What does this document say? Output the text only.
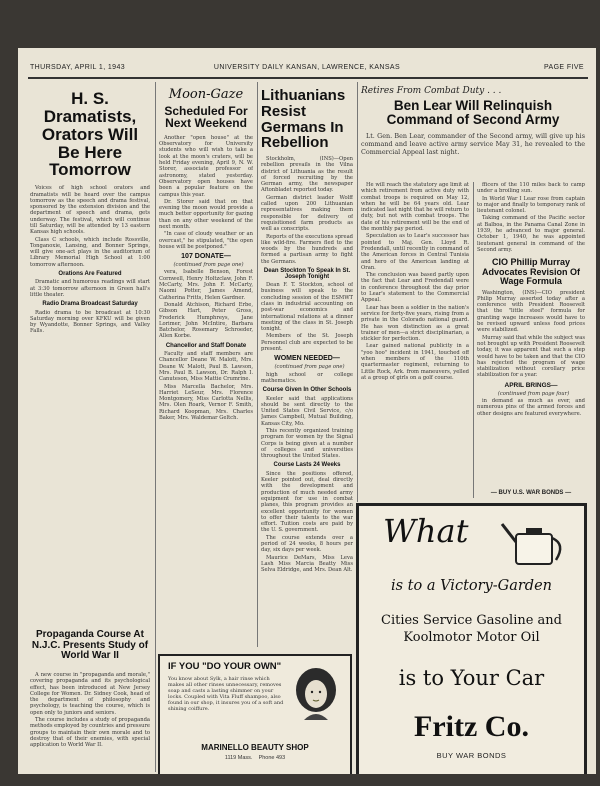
THURSDAY, APRIL 1, 1943	UNIVERSITY DAILY KANSAN, LAWRENCE, KANSAS	PAGE FIVE
H. S. Dramatists, Orators Will Be Here Tomorrow

Voices of high school orators and dramatists will be heard over the campus tomorrow as the speech and drama festival, sponsored by the extension division and the department of speech and drama, gets underway. The festival, which will continue till Saturday, will be attended by 13 eastern Kansas high schools.

Class C schools, which include Rossville, Tonganoxie, Lansing, and Bonner Springs, will give one-act plays in the auditorium of Library Memorial High School at 1:00 tomorrow afternoon.

Orations Are Featured

Dramatic and humorous readings will start at 3:30 tomorrow afternoon in Green hall's little theater.

Radio Drama Broadcast Saturday

Radio drama to be broadcast at 10:30 Saturday morning over KFKU will be given by Wyandotte, Bonner Springs, and Valley Falls.

Propaganda Course At N.J.C. Presents Study of World War II

A new course in "propaganda and morale," covering propaganda and its psychological effect, has been introduced at New Jersey College for Women. Dr. Sidney Cook, head of the department of philosophy and psychology, is teaching the course, which is open only to juniors and seniors.

The course includes a study of propaganda methods employed by countries and pressure groups to maintain their own morale and to destroy that of their enemies, with special application to World War II.

Moon-Gaze
Scheduled For Next Weekend

Another "open house" at the Observatory for University students who will wish to take a look at the moon's craters, will be held Friday evening, April 9, N. W. Storer, associate professor of astronomy, stated yesterday. Observatory open houses have been a popular feature on the campus this year.

Dr. Storer said that on that evening the moon would provide a much better opportunity for gazing than on any other weekend of the next month.

"In case of cloudy weather or an overcast," he stipulated, "the open house will be postponed."

107 DONATE—

(continued from page one)

vera, Isabelle Benson, Forest Cornwell, Henry Holtzclaw, John F. McCarty, Mrs. John F. McCarty, Naomi Potter, James Amend, Catherina Fritts, Helen Gardner.

Donald Atchison, Richard Erbe, Gibson Hart, Peter Gross, Frederick Humphreys, Jane Lorimer, John McIntire, Barbara Batchelor, Rosemary Schroeder, Allen Korbe.

Chancellor and Staff Donate

Faculty and staff members are Chancellor Deane W. Malott, Mrs. Deane W. Malott, Paul B. Lawson, Mrs. Paul B. Lawson, Dr. Ralph I. Canuteson, Miss Mattie Crumrine.

Miss Marcella Bachelor, Mrs. Harriet LeSeur, Mrs. Florence Montgomery, Miss Carlotta Nellis, Mrs. Olen Roark, Vernor F. Smith, Richard Koopman, Mrs. Charles Baker, Mrs. Waldemar Geltch.

Lithuanians Resist Germans In Rebellion

Stockholm, (INS)—Open rebellion prevails in the Vilna district of Lithuania as the result of forced recruiting by the German army, the newspaper Aftonbladet reported today.

German district leader Wolff called upon 200 Lithuanian representatives making them responsible for delivery of requisitioned farm products as well as conscripts.

Reports of the executions spread like wild-fire. Farmers fled to the woods by the hundreds and formed a partisan army to fight the Germans.

Dean Stockton To Speak In St. Joseph Tonight

Dean F. T. Stockton, school of business will speak to the concluding session of the ESMWT class in industrial accounting on post-war economics and international relations at a dinner meeting of the class in St. Joseph tonight.

Members of the St. Joseph Personnel club are expected to be present.

WOMEN NEEDED—

(continued from page one)

high school or college mathematics.

Course Given In Other Schools

Keeler said that applications should be sent directly to the United States Civil Service, c/o James Campbell, Mutual Building, Kansas City, Mo.

This recently organized training program for women by the Signal Corps is being given at a number of colleges and universities throughout the United States.

Course Lasts 24 Weeks

Since the positions offered, Keeler pointed out, deal directly with the development and production of much needed army equipment for use in combat planes, this program provides an excellent opportunity for women to offer their talents to the war effort. Tuition costs are paid by the U. S. government.

The course extends over a period of 24 weeks, 8 hours per day, six days per week.

Maurice DeMars, Miss Leva Lash Miss Marcia Beatty Miss Selva Eldridge, and Mrs. Dean Alt.

Retires From Combat Duty . . .
Ben Lear Will Relinquish Command of Second Army

Lt. Gen. Ben Lear, commander of the Second army, will give up his command and leave active army service May 31, he revealed to the Commercial Appeal last night.

He will reach the statutory age limit at which retirement from active duty with combat troops is required on May 12, when he will be 64 years old. Lear indicated last night that he will return to duty, but not with combat troops. The date of his retirement will be the end of the monthly pay period.

Speculation as to Lear's successor has pointed to Maj. Gen. Lloyd R. Fredendall, until recently in command of the American forces in Central Tunisia and hero of the American landing at Oran.

The conclusion was based partly upon the fact that Lear and Fredendall were in conference throughout the day prior to Lear's statement to the Commercial Appeal.

Lear has been a soldier in the nation's service for forty-five years, rising from a private in the Colorado national guard. He has won distinction as a great trainer of men—a strict disciplinarian, a stickler for perfection.

Lear gained national publicity in a "yoo hoo" incident in 1941, touched off when members of the 110th quartermaster regiment, returning to Little Rock, Ark. from maneuvers, yelled at a group of girls on a golf course.

fficers of the 110 miles back to camp under a broiling sun.

In World War I Lear rose from captain to major and finally to temporary rank of lieutenant colonel.

Taking command of the Pacific sector at Balboa, in the Panama Canal Zone in 1939, he advanced to major general. October 1, 1940, he was appointed lieutenant general in command of the Second army.

CIO Phillip Murray Advocates Revision Of Wage Formula

Washington, (INS)—CIO president Philip Murray asserted today after a conference with President Roosevelt that the "little steel" formula for granting wage increases would have to be revised upward unless food prices were stabilized.

Murray said that while the subject was not brought up with President Roosevelt today, it was apparent that such a step would have to be taken and that the CIO has rejected the program of wage stabilization without corollary price stabilization for a year.

APRIL BRINGS—

(continued from page four)

in demand as much as ever, and numerous pins of the armed forces and other designs are featured everywhere.

— BUY U.S. WAR BONDS —
IF YOU "DO YOUR OWN"
You know about Sylk, a hair rinse which makes all other rinses unnecessary, removes soap and casts a lasting shimmer on your locks. Coupled with Vita Fluff shampoo, also found in our shop, it insures you of a soft and shining coiffure.
MARINELLO BEAUTY SHOP
1119 Mass. Phone 493
What
is to a Victory-Garden
Cities Service Gasoline and Koolmotor Motor Oil
is to Your Car
Fritz Co.
BUY WAR BONDS
